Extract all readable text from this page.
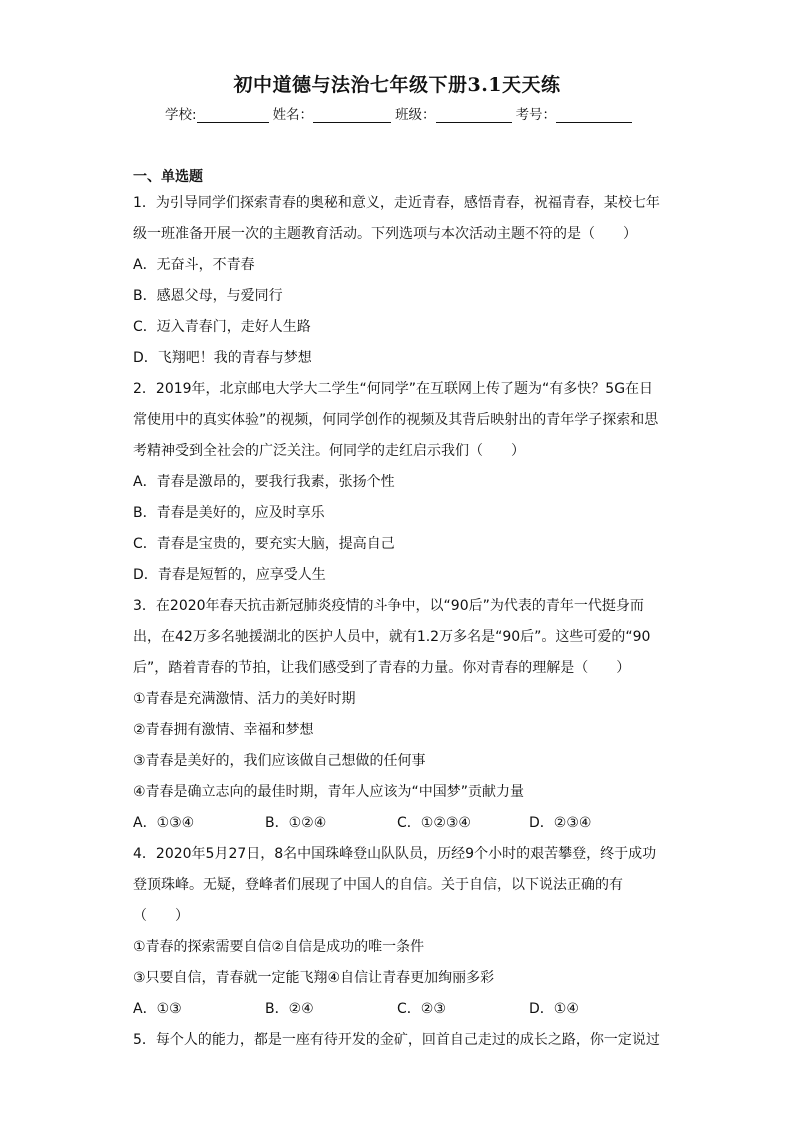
初中道德与法治七年级下册3.1天天练
学校:	姓名：	班级：	考号：
一、单选题
1．为引导同学们探索青春的奥秘和意义，走近青春，感悟青春，祝福青春，某校七年
级一班准备开展一次的主题教育活动。下列选项与本次活动主题不符的是（　　）
A．无奋斗，不青春
B．感恩父母，与爱同行
C．迈入青春门，走好人生路
D．飞翔吧！我的青春与梦想
2．2019年，北京邮电大学大二学生“何同学”在互联网上传了题为“有多快？5G在日
常使用中的真实体验”的视频，何同学创作的视频及其背后映射出的青年学子探索和思
考精神受到全社会的广泛关注。何同学的走红启示我们（　　）
A．青春是激昂的，要我行我素，张扬个性
B．青春是美好的，应及时享乐
C．青春是宝贵的，要充实大脑，提高自己
D．青春是短暂的，应享受人生
3．在2020年春天抗击新冠肺炎疫情的斗争中，以“90后”为代表的青年一代挺身而
出，在42万多名驰援湖北的医护人员中，就有1.2万多名是“90后”。这些可爱的“90
后”，踏着青春的节拍，让我们感受到了青春的力量。你对青春的理解是（　　）
①青春是充满激情、活力的美好时期
②青春拥有激情、幸福和梦想
③青春是美好的，我们应该做自己想做的任何事
④青春是确立志向的最佳时期，青年人应该为“中国梦”贡献力量
A．①③④	B．①②④	C．①②③④	D．②③④
4．2020年5月27日，8名中国珠峰登山队队员，历经9个小时的艰苦攀登，终于成功
登顶珠峰。无疑，登峰者们展现了中国人的自信。关于自信，以下说法正确的有
（　　）
①青春的探索需要自信②自信是成功的唯一条件
③只要自信，青春就一定能飞翔④自信让青春更加绚丽多彩
A．①③	B．②④	C．②③	D．①④
5．每个人的能力，都是一座有待开发的金矿，回首自己走过的成长之路，你一定说过
